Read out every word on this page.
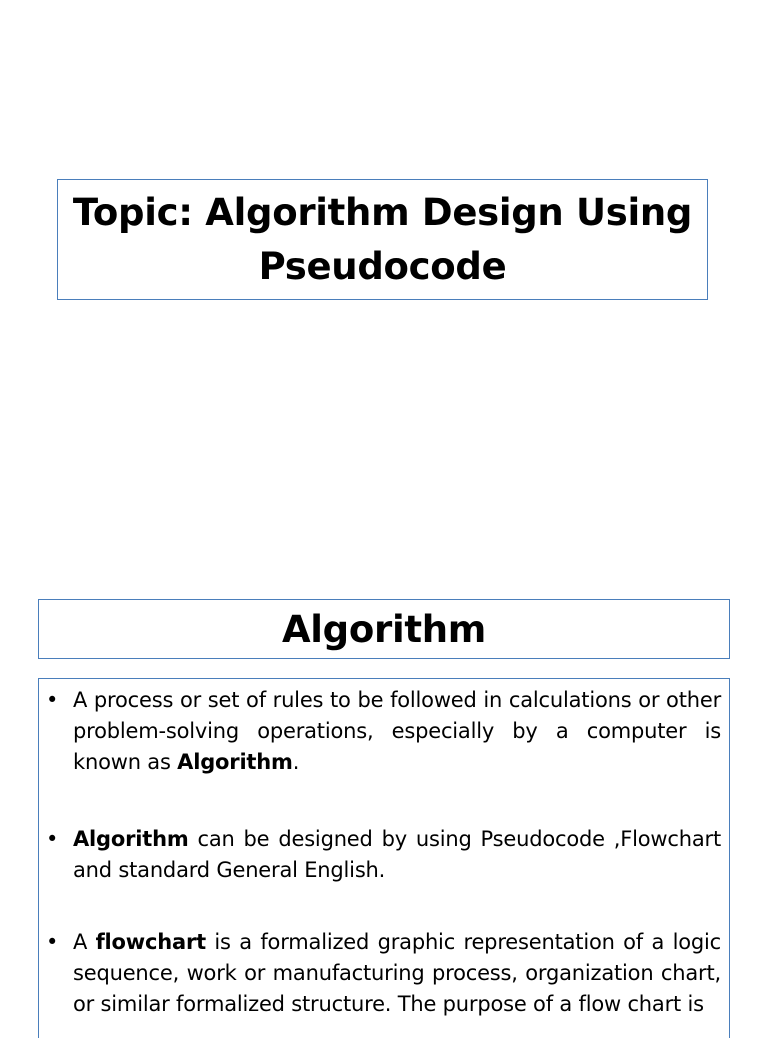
Topic: Algorithm Design Using
Pseudocode
Algorithm
• A process or set of rules to be followed in calculations or other problem-solving operations, especially by a computer is known as Algorithm.
• Algorithm can be designed by using Pseudocode ,Flowchart and standard General English.
• A flowchart is a formalized graphic representation of a logic sequence, work or manufacturing process, organization chart, or similar formalized structure. The purpose of a flow chart is
